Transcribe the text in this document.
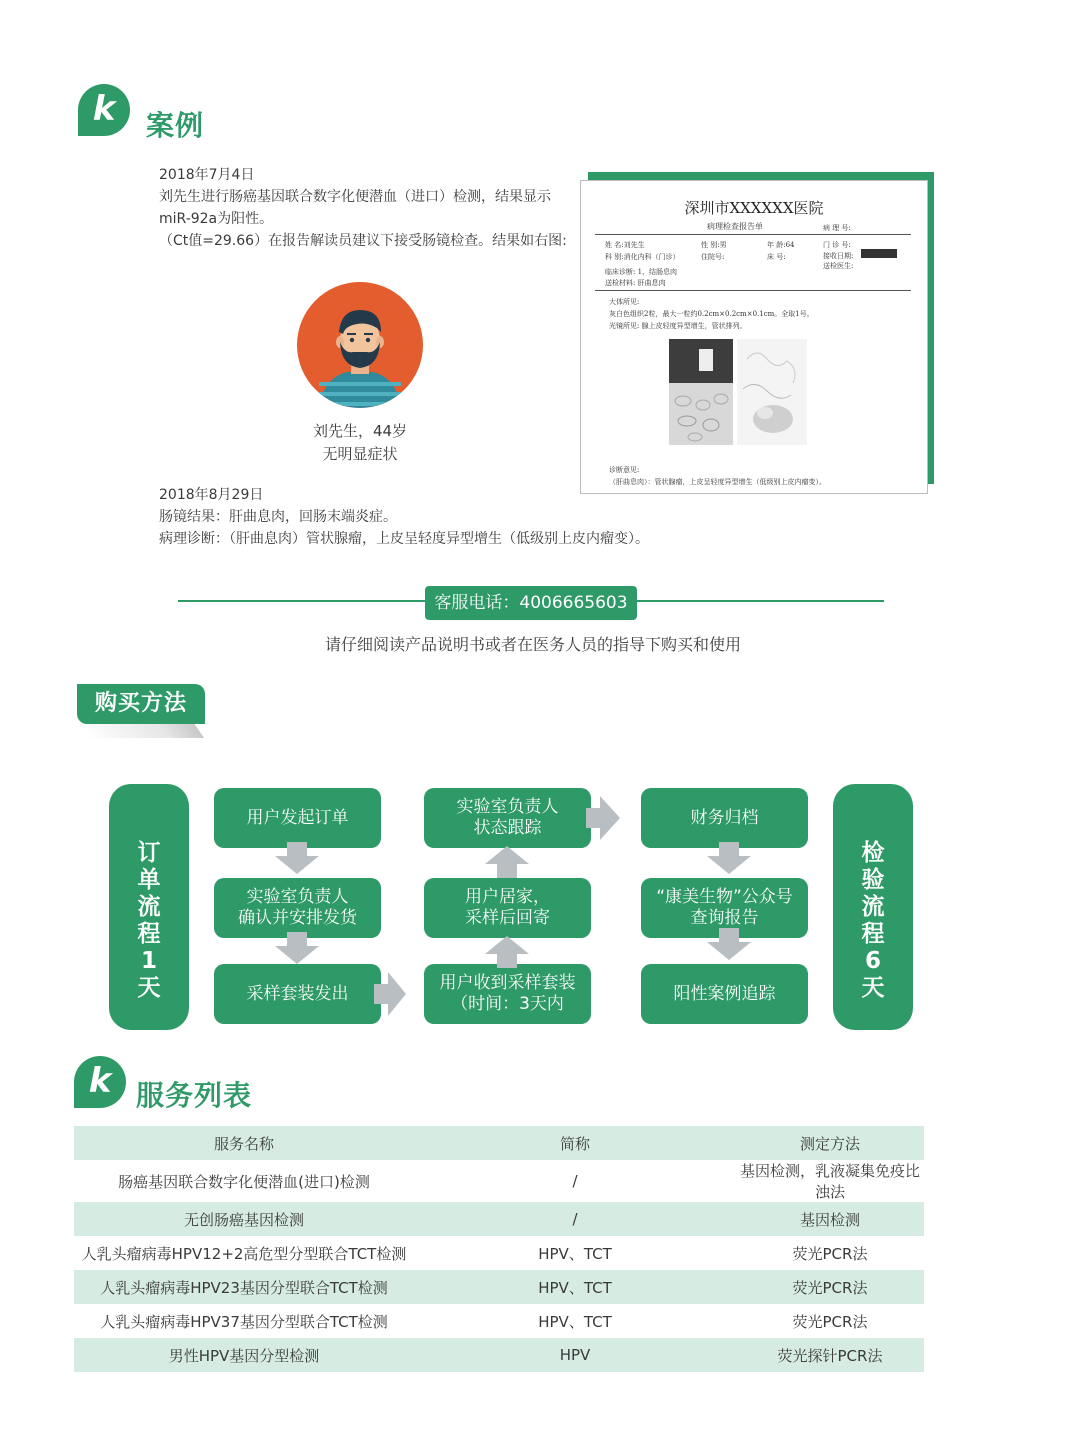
k	案例
2018年7月4日
刘先生进行肠癌基因联合数字化便潜血（进口）检测，结果显示
miR-92a为阳性。
（Ct值=29.66）在报告解读员建议下接受肠镜检查。结果如右图:
刘先生，44岁
无明显症状
2018年8月29日
肠镜结果：肝曲息肉，回肠末端炎症。
病理诊断：（肝曲息肉）管状腺瘤，上皮呈轻度异型增生（低级别上皮内瘤变）。
深圳市XXXXXX医院
病理检查报告单	病 理 号:
姓 名:刘先生	性 别:男	年 龄:64	门 诊 号:
科 别:消化内科（门诊）	住院号:	床 号:	接收日期:
送检医生:
临床诊断: 1、结肠息肉
送检材料: 肝曲息肉
大体所见:
灰白色组织2粒，最大一粒约0.2cm×0.2cm×0.1cm。全取1号。
光镜所见: 腺上皮轻度异型增生，管状排列。
诊断意见:
（肝曲息肉）：管状腺瘤，上皮呈轻度异型增生（低级别上皮内瘤变）。
客服电话：4006665603
请仔细阅读产品说明书或者在医务人员的指导下购买和使用
购买方法
订
单
流
程
1
天
检
验
流
程
6
天
用户发起订单
实验室负责人
确认并安排发货
采样套装发出
实验室负责人
状态跟踪
用户居家，
采样后回寄
用户收到采样套装
（时间：3天内
财务归档
“康美生物”公众号
查询报告
阳性案例追踪
k 服务列表
服务名称	简称	测定方法
肠癌基因联合数字化便潜血(进口)检测	/	基因检测，乳液凝集免疫比浊法
无创肠癌基因检测	/	基因检测
人乳头瘤病毒HPV12+2高危型分型联合TCT检测	HPV、TCT	荧光PCR法
人乳头瘤病毒HPV23基因分型联合TCT检测	HPV、TCT	荧光PCR法
人乳头瘤病毒HPV37基因分型联合TCT检测	HPV、TCT	荧光PCR法
男性HPV基因分型检测	HPV	荧光探针PCR法
